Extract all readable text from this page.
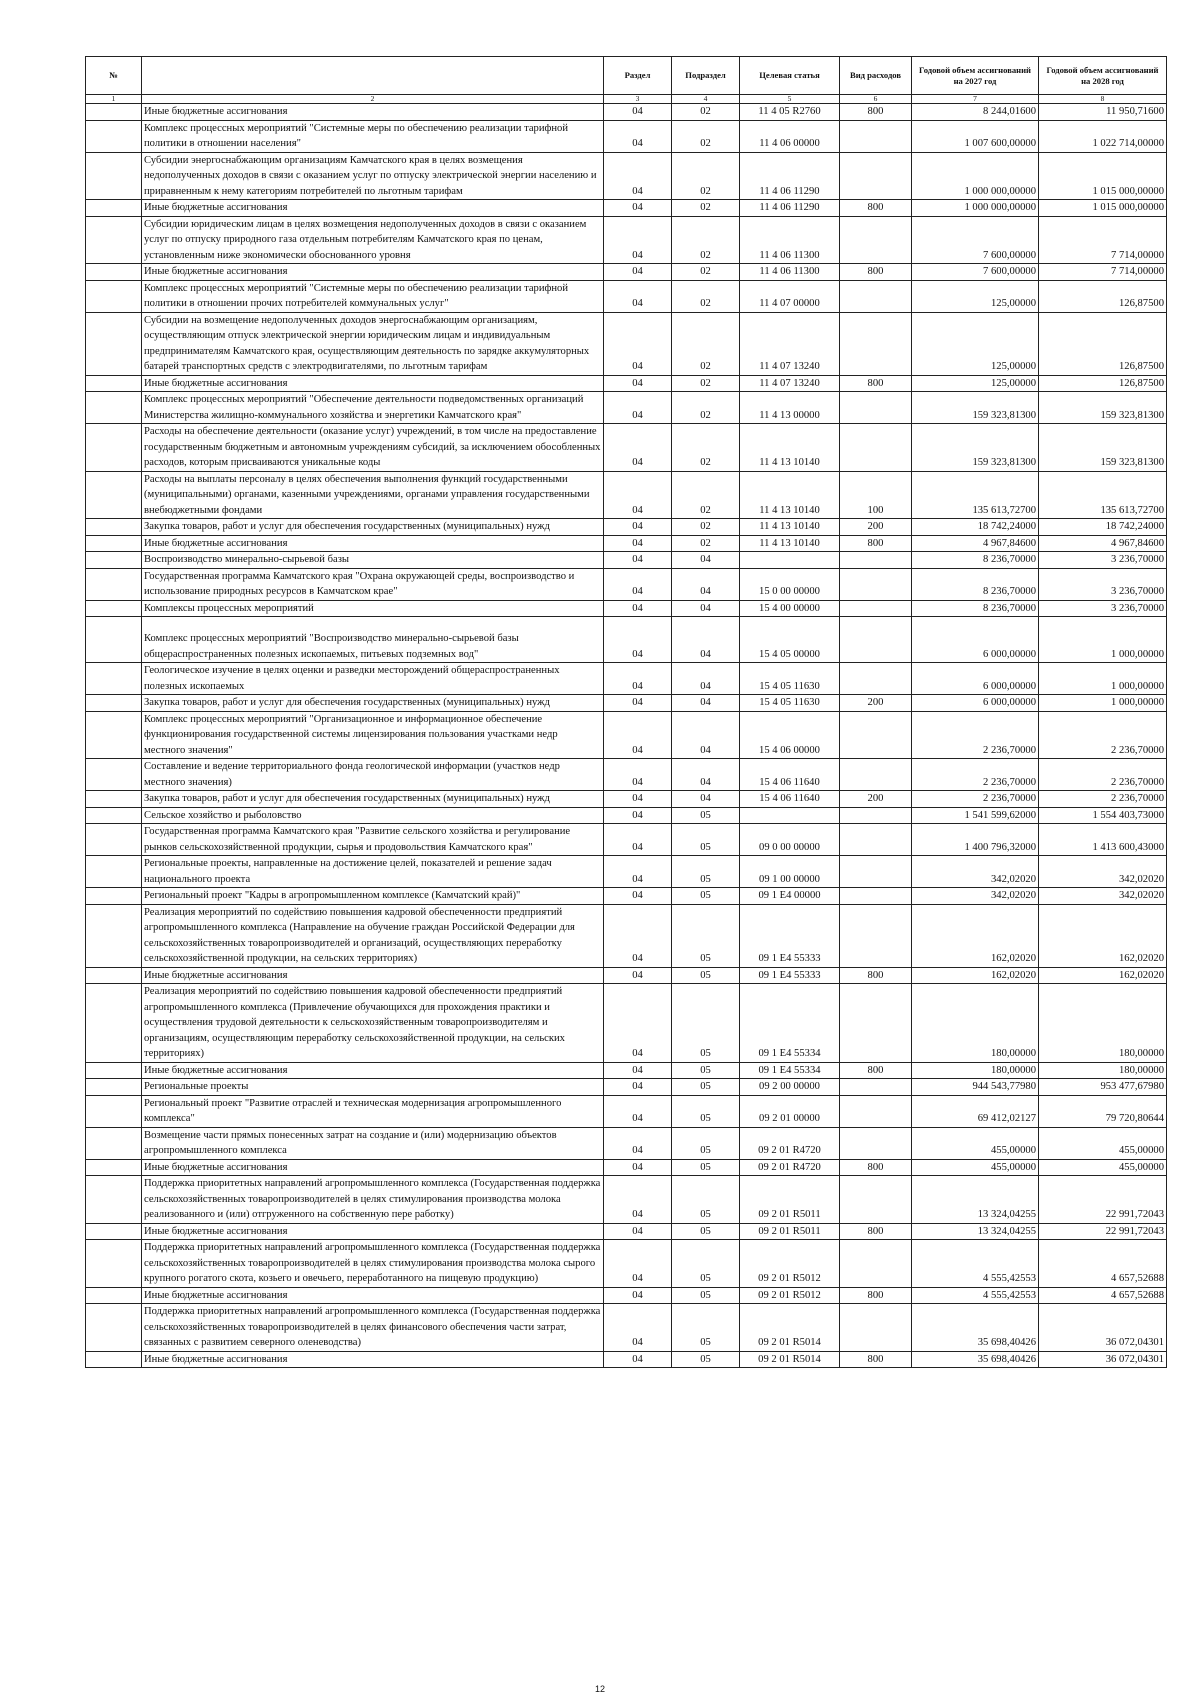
№		Раздел	Подраздел	Целевая статья	Вид расходов	Годовой объем ассигнований на 2027 год	Годовой объем ассигнований на 2028 год
1	2	3	4	5	6	7	8
	Иные бюджетные ассигнования	04	02	11 4 05 R2760	800	8 244,01600	11 950,71600
	Комплекс процессных мероприятий "Системные меры по обеспечению реализации тарифной политики в отношении населения"	04	02	11 4 06 00000		1 007 600,00000	1 022 714,00000
	Субсидии энергоснабжающим организациям Камчатского края в целях возмещения недополученных доходов в связи с оказанием услуг по отпуску электрической энергии населению и приравненным к нему категориям потребителей по льготным тарифам	04	02	11 4 06 11290		1 000 000,00000	1 015 000,00000
	Иные бюджетные ассигнования	04	02	11 4 06 11290	800	1 000 000,00000	1 015 000,00000
	Субсидии юридическим лицам в целях возмещения недополученных доходов в связи с оказанием услуг по отпуску природного газа отдельным потребителям Камчатского края по ценам, установленным ниже экономически обоснованного уровня	04	02	11 4 06 11300		7 600,00000	7 714,00000
	Иные бюджетные ассигнования	04	02	11 4 06 11300	800	7 600,00000	7 714,00000
	Комплекс процессных мероприятий "Системные меры по обеспечению реализации тарифной политики в отношении прочих потребителей коммунальных услуг"	04	02	11 4 07 00000		125,00000	126,87500
	Субсидии на возмещение недополученных доходов энергоснабжающим организациям, осуществляющим отпуск электрической энергии юридическим лицам и индивидуальным предпринимателям Камчатского края, осуществляющим деятельность по зарядке аккумуляторных батарей транспортных средств с электродвигателями, по льготным тарифам	04	02	11 4 07 13240		125,00000	126,87500
	Иные бюджетные ассигнования	04	02	11 4 07 13240	800	125,00000	126,87500
	Комплекс процессных мероприятий "Обеспечение деятельности подведомственных организаций Министерства жилищно-коммунального хозяйства и энергетики Камчатского края"	04	02	11 4 13 00000		159 323,81300	159 323,81300
	Расходы на обеспечение деятельности (оказание услуг) учреждений, в том числе на предоставление государственным бюджетным и автономным учреждениям субсидий, за исключением обособленных расходов, которым присваиваются уникальные коды	04	02	11 4 13 10140		159 323,81300	159 323,81300
	Расходы на выплаты персоналу в целях обеспечения выполнения функций государственными (муниципальными) органами, казенными учреждениями, органами управления государственными внебюджетными фондами	04	02	11 4 13 10140	100	135 613,72700	135 613,72700
	Закупка товаров, работ и услуг для обеспечения государственных (муниципальных) нужд	04	02	11 4 13 10140	200	18 742,24000	18 742,24000
	Иные бюджетные ассигнования	04	02	11 4 13 10140	800	4 967,84600	4 967,84600
	Воспроизводство минерально-сырьевой базы	04	04			8 236,70000	3 236,70000
	Государственная программа Камчатского края "Охрана окружающей среды, воспроизводство и использование природных ресурсов в Камчатском крае"	04	04	15 0 00 00000		8 236,70000	3 236,70000
	Комплексы процессных мероприятий	04	04	15 4 00 00000		8 236,70000	3 236,70000
	Комплекс процессных мероприятий "Воспроизводство минерально-сырьевой базы общераспространенных полезных ископаемых, питьевых подземных вод"	04	04	15 4 05 00000		6 000,00000	1 000,00000
	Геологическое изучение в целях оценки и разведки месторождений общераспространенных полезных ископаемых	04	04	15 4 05 11630		6 000,00000	1 000,00000
	Закупка товаров, работ и услуг для обеспечения государственных (муниципальных) нужд	04	04	15 4 05 11630	200	6 000,00000	1 000,00000
	Комплекс процессных мероприятий "Организационное и информационное обеспечение функционирования государственной системы лицензирования пользования участками недр местного значения"	04	04	15 4 06 00000		2 236,70000	2 236,70000
	Составление и ведение территориального фонда геологической информации (участков недр местного значения)	04	04	15 4 06 11640		2 236,70000	2 236,70000
	Закупка товаров, работ и услуг для обеспечения государственных (муниципальных) нужд	04	04	15 4 06 11640	200	2 236,70000	2 236,70000
	Сельское хозяйство и рыболовство	04	05			1 541 599,62000	1 554 403,73000
	Государственная программа Камчатского края "Развитие сельского хозяйства и регулирование рынков сельскохозяйственной продукции, сырья и продовольствия Камчатского края"	04	05	09 0 00 00000		1 400 796,32000	1 413 600,43000
	Региональные проекты, направленные на достижение целей, показателей и решение задач национального проекта	04	05	09 1 00 00000		342,02020	342,02020
	Региональный проект "Кадры в агропромышленном комплексе (Камчатский край)"	04	05	09 1 E4 00000		342,02020	342,02020
	Реализация мероприятий по содействию повышения кадровой обеспеченности предприятий агропромышленного комплекса (Направление на обучение граждан Российской Федерации для сельскохозяйственных товаропроизводителей и организаций, осуществляющих переработку сельскохозяйственной продукции, на сельских территориях)	04	05	09 1 E4 55333		162,02020	162,02020
	Иные бюджетные ассигнования	04	05	09 1 E4 55333	800	162,02020	162,02020
	Реализация мероприятий по содействию повышения кадровой обеспеченности предприятий агропромышленного комплекса (Привлечение обучающихся для прохождения практики и осуществления трудовой деятельности к сельскохозяйственным товаропроизводителям и организациям, осуществляющим переработку сельскохозяйственной продукции, на сельских территориях)	04	05	09 1 E4 55334		180,00000	180,00000
	Иные бюджетные ассигнования	04	05	09 1 E4 55334	800	180,00000	180,00000
	Региональные проекты	04	05	09 2 00 00000		944 543,77980	953 477,67980
	Региональный проект "Развитие отраслей и техническая модернизация агропромышленного комплекса"	04	05	09 2 01 00000		69 412,02127	79 720,80644
	Возмещение части прямых понесенных затрат на создание и (или) модернизацию объектов агропромышленного комплекса	04	05	09 2 01 R4720		455,00000	455,00000
	Иные бюджетные ассигнования	04	05	09 2 01 R4720	800	455,00000	455,00000
	Поддержка приоритетных направлений агропромышленного комплекса (Государственная поддержка сельскохозяйственных товаропроизводителей в целях стимулирования производства молока реализованного и (или) отгруженного на собственную пере работку)	04	05	09 2 01 R5011		13 324,04255	22 991,72043
	Иные бюджетные ассигнования	04	05	09 2 01 R5011	800	13 324,04255	22 991,72043
	Поддержка приоритетных направлений агропромышленного комплекса (Государственная поддержка сельскохозяйственных товаропроизводителей в целях стимулирования производства молока сырого крупного рогатого скота, козьего и овечьего, переработанного на пищевую продукцию)	04	05	09 2 01 R5012		4 555,42553	4 657,52688
	Иные бюджетные ассигнования	04	05	09 2 01 R5012	800	4 555,42553	4 657,52688
	Поддержка приоритетных направлений агропромышленного комплекса (Государственная поддержка сельскохозяйственных товаропроизводителей в целях финансового обеспечения части затрат, связанных с развитием северного оленеводства)	04	05	09 2 01 R5014		35 698,40426	36 072,04301
	Иные бюджетные ассигнования	04	05	09 2 01 R5014	800	35 698,40426	36 072,04301
12
